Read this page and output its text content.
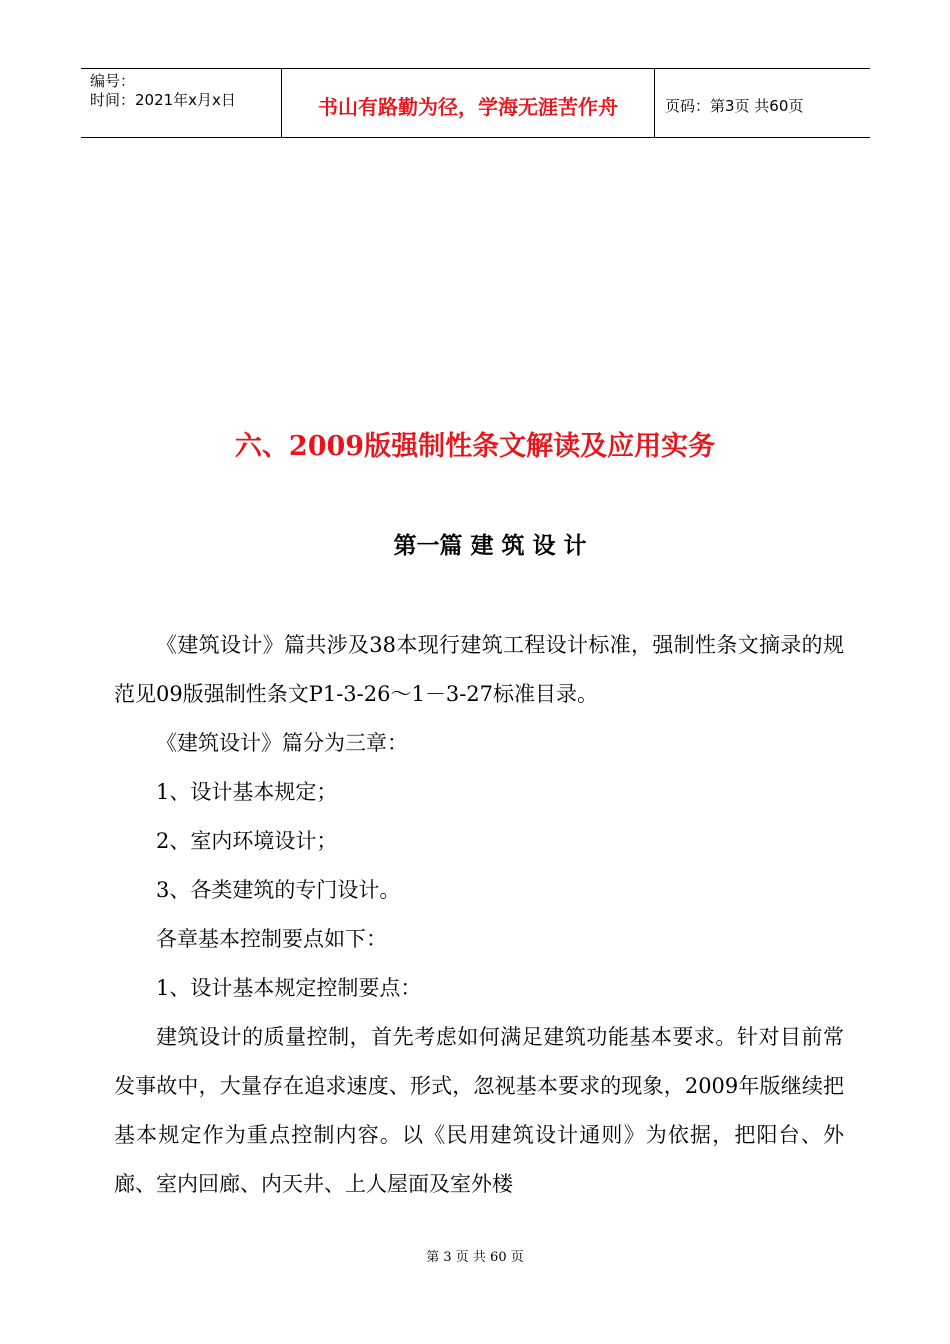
编号：
时间：2021年x月x日	书山有路勤为径，学海无涯苦作舟	页码：第3页 共60页
六、2009版强制性条文解读及应用实务
第一篇 建 筑 设 计

《建筑设计》篇共涉及38本现行建筑工程设计标准，强制性条文摘录的规范见09版强制性条文P1-3-26～1－3-27标准目录。

《建筑设计》篇分为三章：

1、设计基本规定；

2、室内环境设计；

3、各类建筑的专门设计。

各章基本控制要点如下：

1、设计基本规定控制要点：

建筑设计的质量控制，首先考虑如何满足建筑功能基本要求。针对目前常发事故中，大量存在追求速度、形式，忽视基本要求的现象，2009年版继续把基本规定作为重点控制内容。以《民用建筑设计通则》为依据，把阳台、外廊、室内回廊、内天井、上人屋面及室外楼

第 3 页 共 60 页
